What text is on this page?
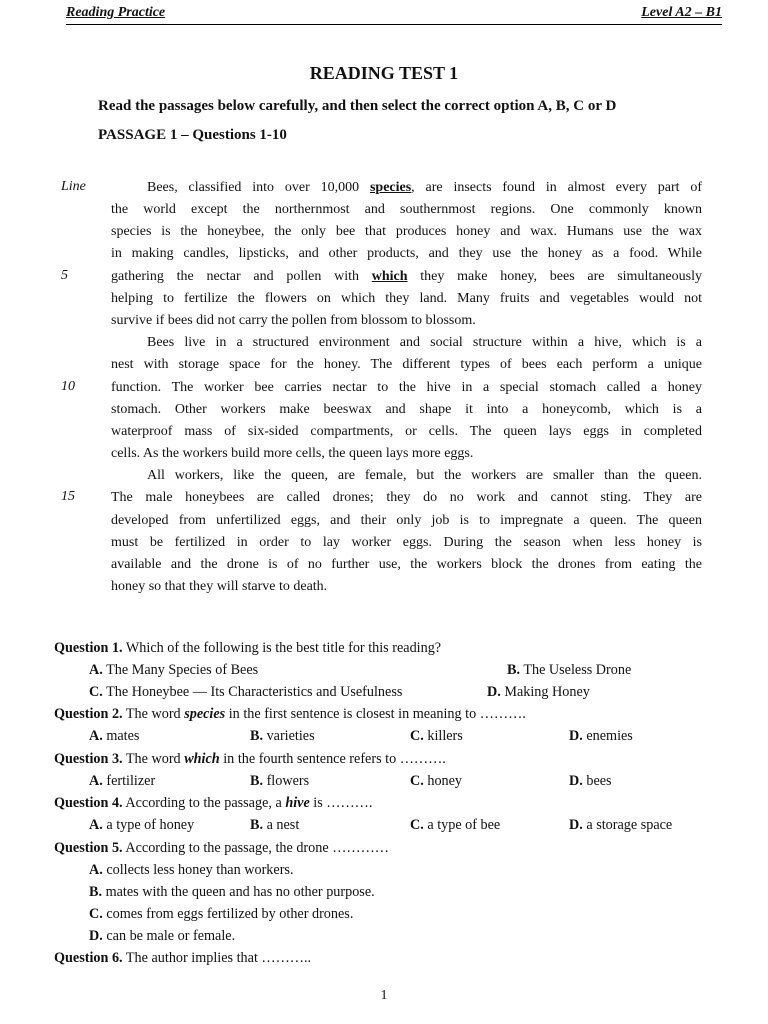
Reading Practice	Level A2 – B1
READING TEST 1
Read the passages below carefully, and then select the correct option A, B, C or D
PASSAGE 1 – Questions 1-10
Line
5
10
15
Bees, classified into over 10,000 species, are insects found in almost every part of
the world except the northernmost and southernmost regions. One commonly known
species is the honeybee, the only bee that produces honey and wax. Humans use the wax
in making candles, lipsticks, and other products, and they use the honey as a food. While
gathering the nectar and pollen with which they make honey, bees are simultaneously
helping to fertilize the flowers on which they land. Many fruits and vegetables would not
survive if bees did not carry the pollen from blossom to blossom.
Bees live in a structured environment and social structure within a hive, which is a
nest with storage space for the honey. The different types of bees each perform a unique
function. The worker bee carries nectar to the hive in a special stomach called a honey
stomach. Other workers make beeswax and shape it into a honeycomb, which is a
waterproof mass of six-sided compartments, or cells. The queen lays eggs in completed
cells. As the workers build more cells, the queen lays more eggs.
All workers, like the queen, are female, but the workers are smaller than the queen.
The male honeybees are called drones; they do no work and cannot sting. They are
developed from unfertilized eggs, and their only job is to impregnate a queen. The queen
must be fertilized in order to lay worker eggs. During the season when less honey is
available and the drone is of no further use, the workers block the drones from eating the
honey so that they will starve to death.
Question 1. Which of the following is the best title for this reading?
A. The Many Species of Bees	B. The Useless Drone
C. The Honeybee — Its Characteristics and Usefulness	D. Making Honey
Question 2. The word species in the first sentence is closest in meaning to ……….
A. mates	B. varieties	C. killers	D. enemies
Question 3. The word which in the fourth sentence refers to ……….
A. fertilizer	B. flowers	C. honey	D. bees
Question 4. According to the passage, a hive is ……….
A. a type of honey	B. a nest	C. a type of bee	D. a storage space
Question 5. According to the passage, the drone …………
A. collects less honey than workers.
B. mates with the queen and has no other purpose.
C. comes from eggs fertilized by other drones.
D. can be male or female.
Question 6. The author implies that ………..
1
